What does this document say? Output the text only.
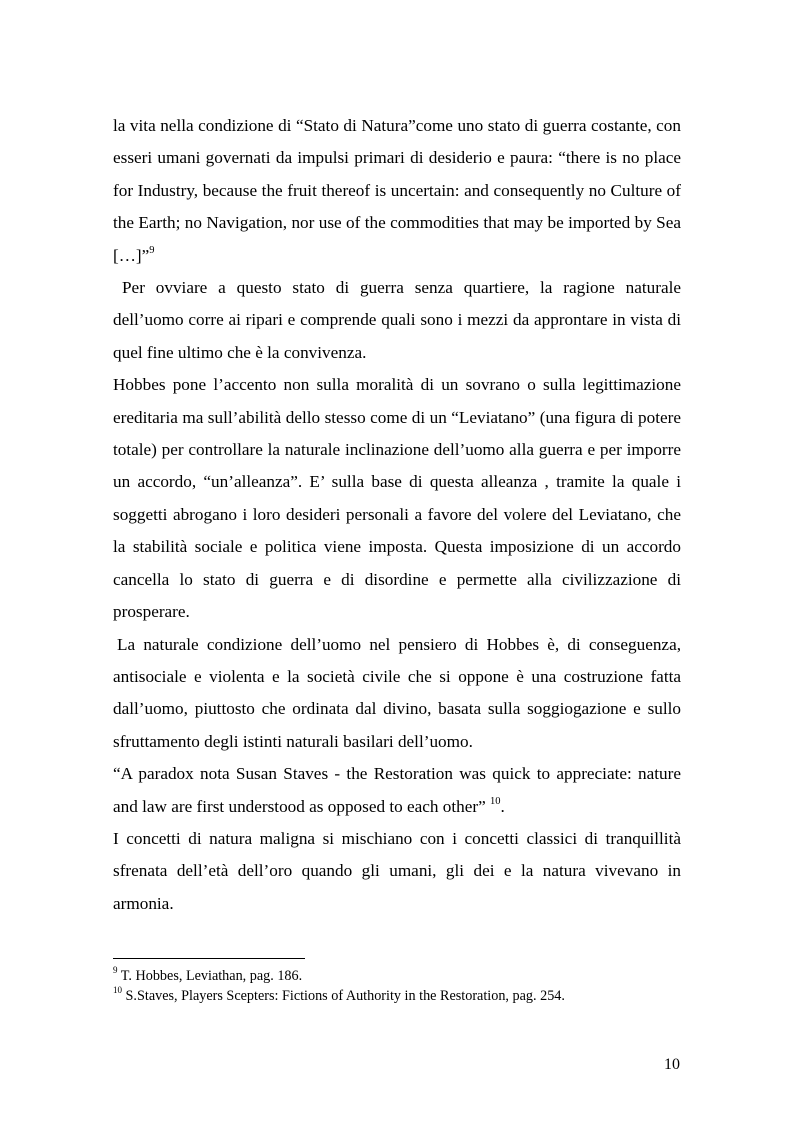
la vita nella condizione di “Stato di Natura”come uno stato di guerra costante, con esseri umani governati da impulsi primari di desiderio e paura: “there is no place for Industry, because the fruit thereof is uncertain: and consequently no Culture of the Earth; no Navigation, nor use of the commodities that may be imported by Sea […]”$^9$

Per ovviare a questo stato di guerra senza quartiere, la ragione naturale dell’uomo corre ai ripari e comprende quali sono i mezzi da approntare in vista di quel fine ultimo che è la convivenza.

Hobbes pone l’accento non sulla moralità di un sovrano o sulla legittimazione ereditaria ma sull’abilità dello stesso come di un “Leviatano” (una figura di potere totale) per controllare la naturale inclinazione dell’uomo alla guerra e per imporre un accordo, “un’alleanza”. E’ sulla base di questa alleanza , tramite la quale i soggetti abrogano i loro desideri personali a favore del volere del Leviatano, che la stabilità sociale e politica viene imposta. Questa imposizione di un accordo cancella lo stato di guerra e di disordine e permette alla civilizzazione di prosperare.

La naturale condizione dell’uomo nel pensiero di Hobbes è, di conseguenza, antisociale e violenta e la società civile che si oppone è una costruzione fatta dall’uomo, piuttosto che ordinata dal divino, basata sulla soggiogazione e sullo sfruttamento degli istinti naturali basilari dell’uomo.

“A paradox nota Susan Staves - the Restoration was quick to appreciate: nature and law are first understood as opposed to each other” $^{10}$.

I concetti di natura maligna si mischiano con i concetti classici di tranquillità sfrenata dell’età dell’oro quando gli umani, gli dei e la natura vivevano in armonia.

$^9$ T. Hobbes, Leviathan, pag. 186.

$^{10}$ S.Staves, Players Scepters: Fictions of Authority in the Restoration, pag. 254.

10
